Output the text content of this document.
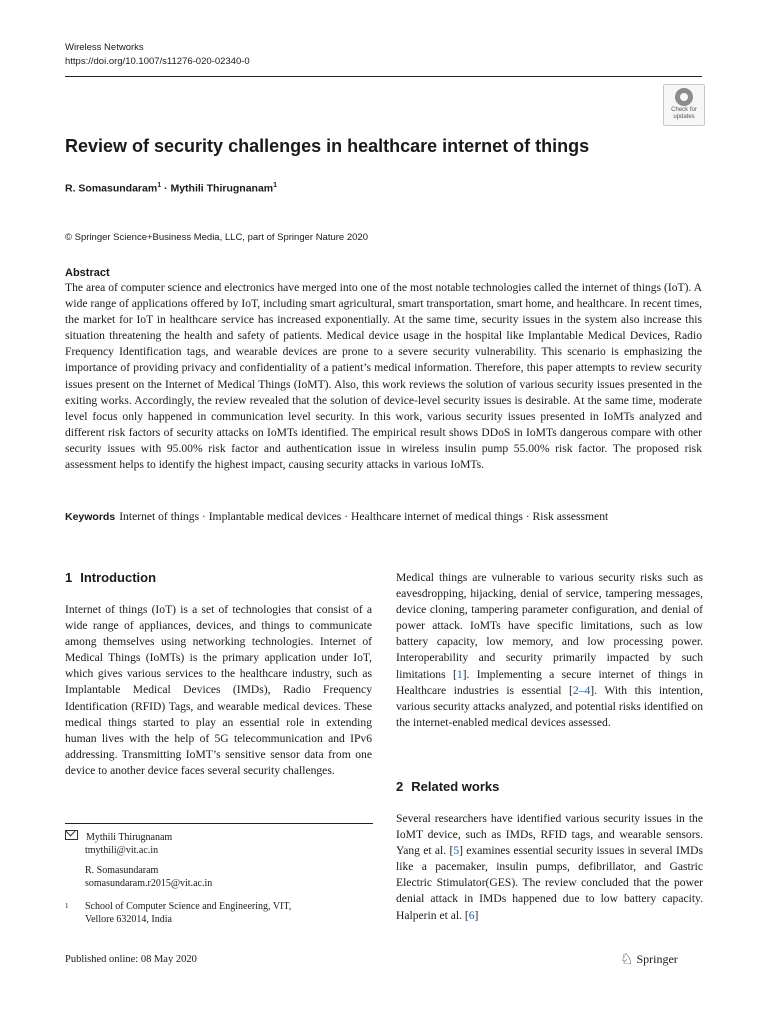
Wireless Networks
https://doi.org/10.1007/s11276-020-02340-0
Check for
updates
Review of security challenges in healthcare internet of things
R. Somasundaram$^1$ · Mythili Thirugnanam$^1$
© Springer Science+Business Media, LLC, part of Springer Nature 2020
Abstract

The area of computer science and electronics have merged into one of the most notable technologies called the internet of things (IoT). A wide range of applications offered by IoT, including smart agricultural, smart transportation, smart home, and healthcare. In recent times, the market for IoT in healthcare service has increased exponentially. At the same time, security issues in the system also increase this situation threatening the health and safety of patients. Medical device usage in the hospital like Implantable Medical Devices, Radio Frequency Identification tags, and wearable devices are prone to a severe security vulnerability. This scenario is emphasizing the importance of providing privacy and confidentiality of a patient’s medical information. Therefore, this paper attempts to review security issues present on the Internet of Medical Things (IoMT). Also, this work reviews the solution of various security issues presented in the exiting works. Accordingly, the review revealed that the solution of device-level security issues is desirable. At the same time, moderate level focus only happened in communication level security. In this work, various security issues presented in IoMTs analyzed and different risk factors of security attacks on IoMTs identified. The empirical result shows DDoS in IoMTs dangerous compare with other security issues with 95.00% risk factor and authentication issue in wireless insulin pump 55.00% risk factor. The proposed risk assessment helps to identify the highest impact, causing security attacks in various IoMTs.

Keywords Internet of things · Implantable medical devices · Healthcare internet of medical things · Risk assessment
1 Introduction

Internet of things (IoT) is a set of technologies that consist of a wide range of appliances, devices, and things to communicate among themselves using networking technologies. Internet of Medical Things (IoMTs) is the primary application under IoT, which gives various services to the healthcare industry, such as Implantable Medical Devices (IMDs), Radio Frequency Identification (RFID) Tags, and wearable medical devices. These medical things started to play an essential role in extending human lives with the help of 5G telecommunication and IPv6 addressing. Transmitting IoMT’s sensitive sensor data from one device to another device faces several security challenges.

Medical things are vulnerable to various security risks such as eavesdropping, hijacking, denial of service, tampering messages, device cloning, tampering parameter configuration, and denial of power attack. IoMTs have specific limitations, such as low battery capacity, low memory, and low processing power. Interoperability and security primarily impacted by such limitations [1]. Implementing a secure internet of things in Healthcare industries is essential [2–4]. With this intention, various security attacks analyzed, and potential risks identified on the internet-enabled medical devices assessed.

2 Related works

Several researchers have identified various security issues in the IoMT device, such as IMDs, RFID tags, and wearable sensors. Yang et al. [5] examines essential security issues in several IMDs like a pacemaker, insulin pumps, defibrillator, and Gastric Electric Stimulator(GES). The review concluded that the power denial attack in IMDs happened due to low battery capacity. Halperin et al. [6]

Mythili Thirugnanam
tmythili@vit.ac.in
R. Somasundaram
somasundaram.r2015@vit.ac.in
1 School of Computer Science and Engineering, VIT,
Vellore 632014, India
Published online: 08 May 2020	♘ Springer
